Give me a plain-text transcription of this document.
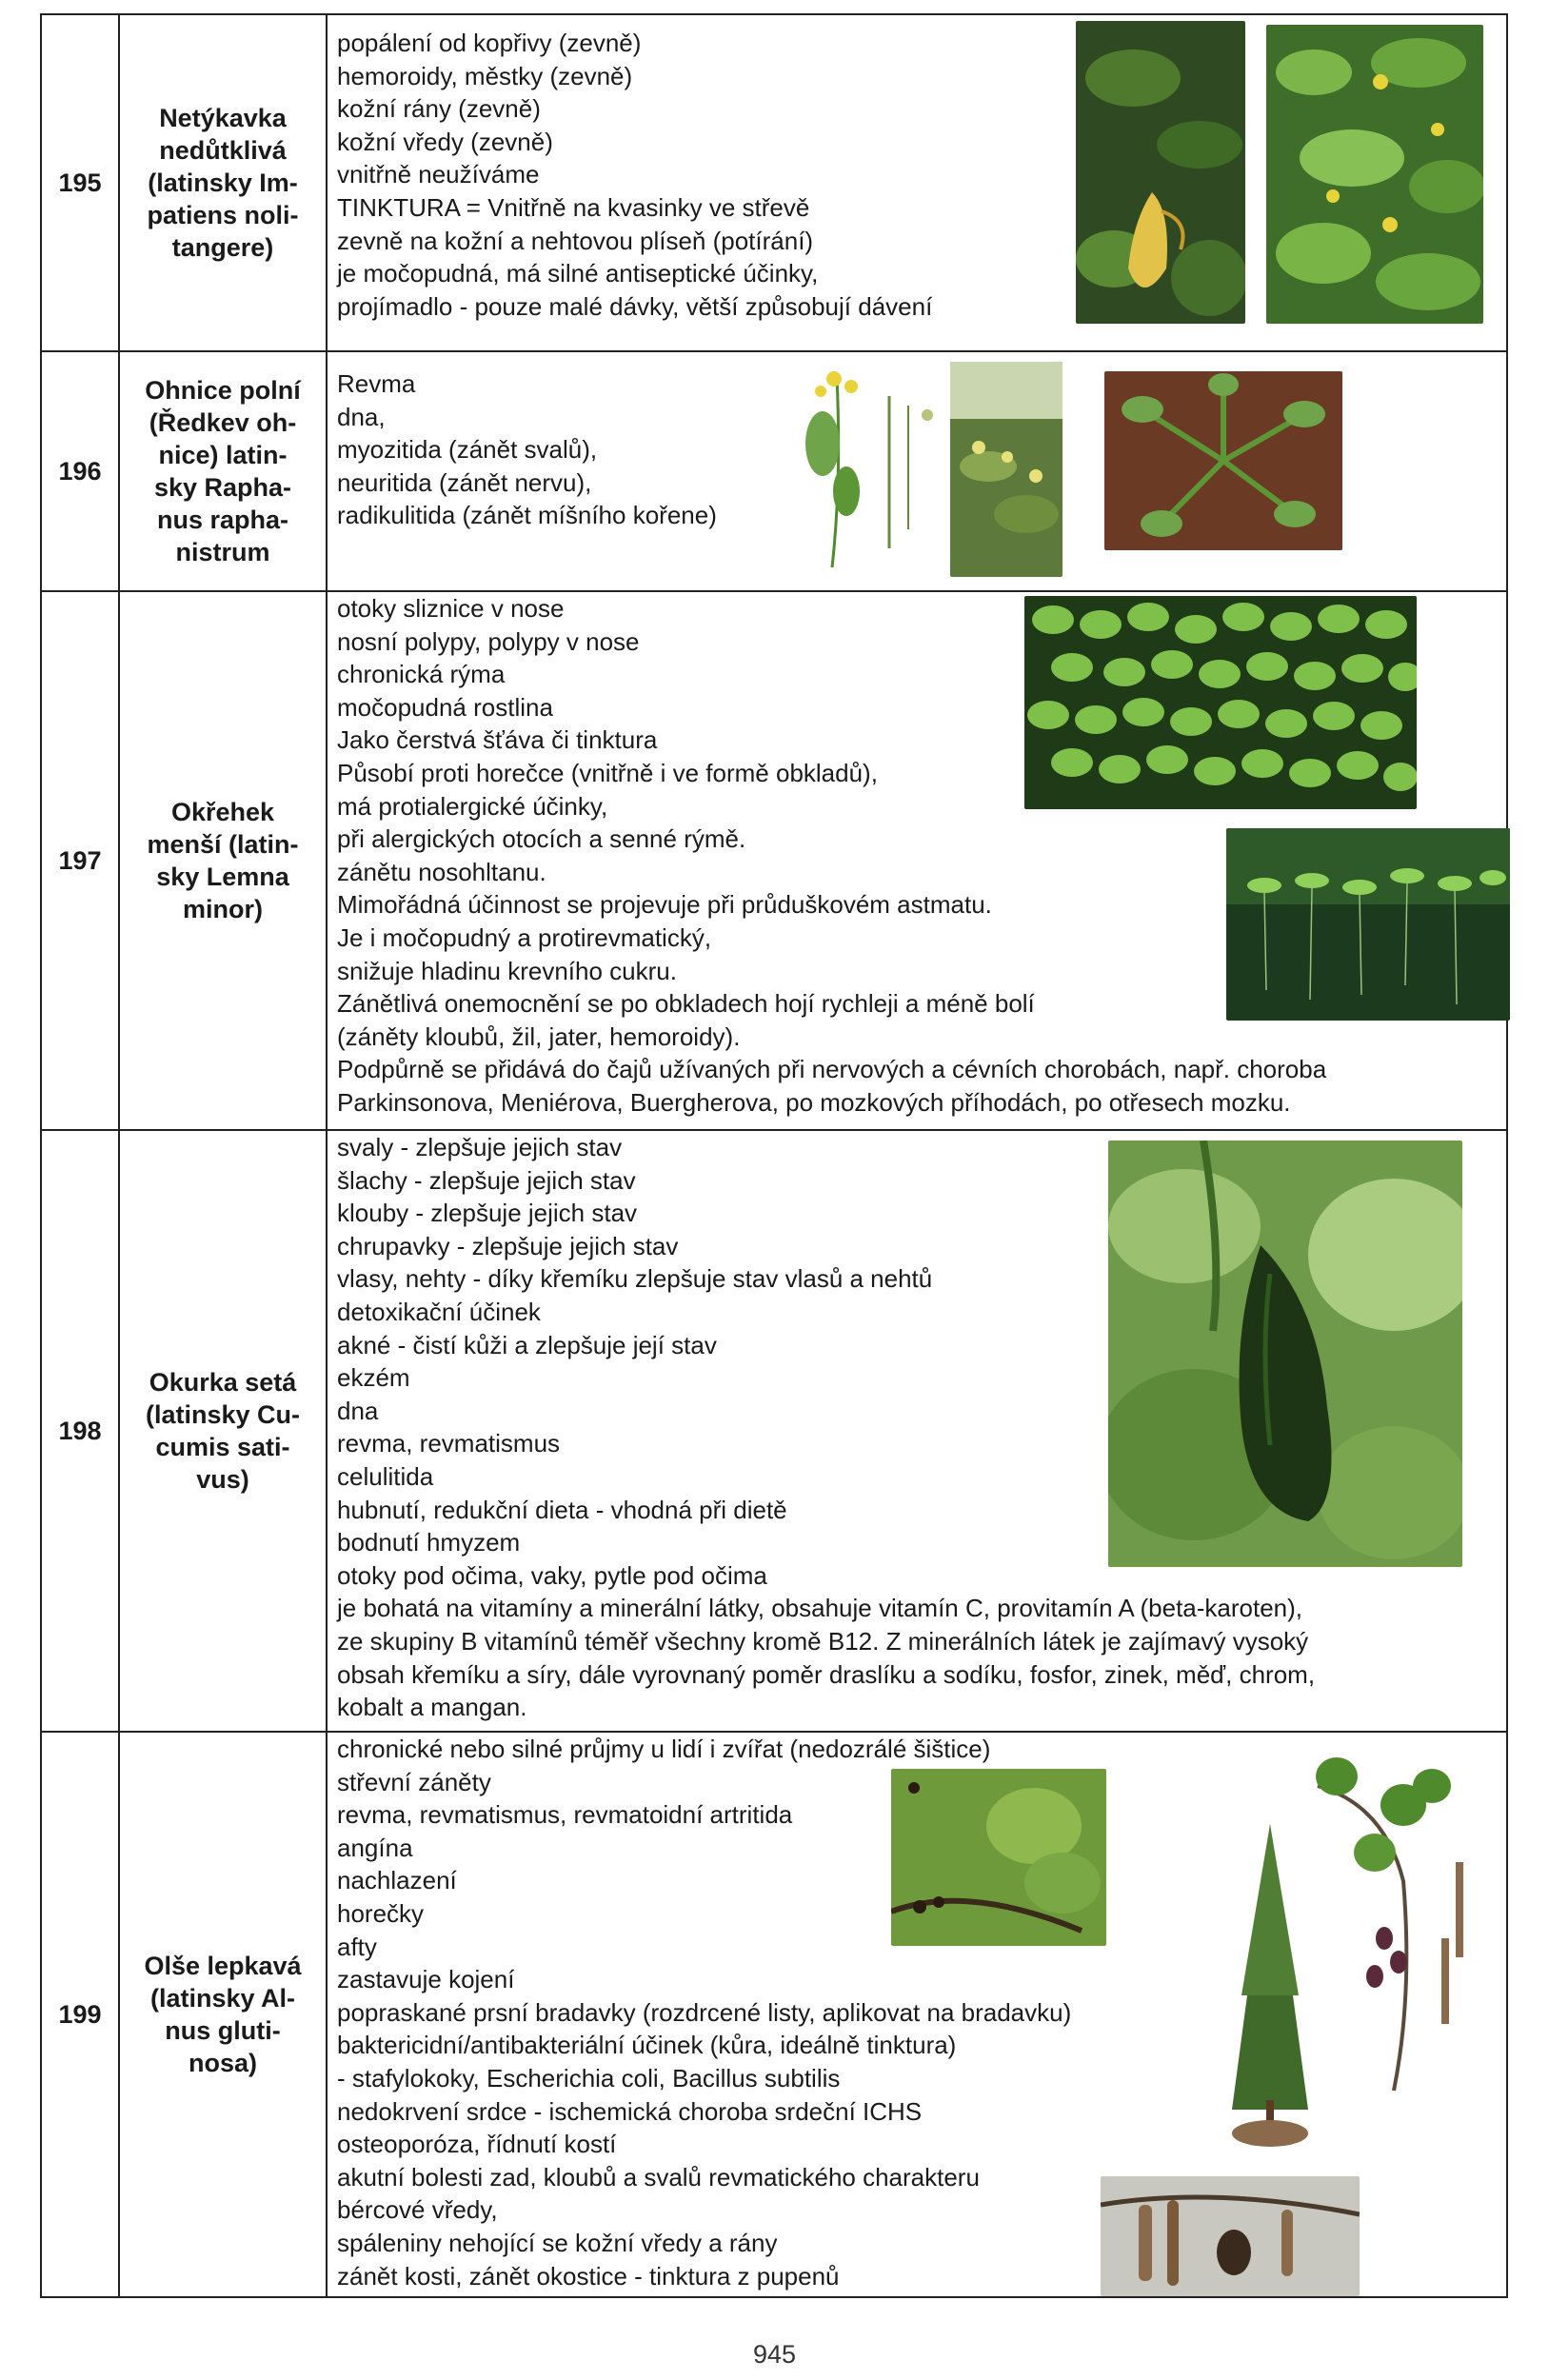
195
Netýkavka
nedůtklivá
(latinsky Im-
patiens noli-
tangere)
popálení od kopřivy (zevně)
hemoroidy, městky (zevně)
kožní rány (zevně)
kožní vředy (zevně)
vnitřně neužíváme
TINKTURA = Vnitřně na kvasinky ve střevě
zevně na kožní a nehtovou plíseň (potírání)
je močopudná, má silné antiseptické účinky,
projímadlo - pouze malé dávky, větší způsobují dávení
196
Ohnice polní
(Ředkev oh-
nice) latin-
sky Rapha-
nus rapha-
nistrum
Revma
dna,
myozitida (zánět svalů),
neuritida (zánět nervu),
radikulitida (zánět míšního kořene)
197
Okřehek
menší (latin-
sky Lemna
minor)
otoky sliznice v nose
nosní polypy, polypy v nose
chronická rýma
močopudná rostlina
Jako čerstvá šťáva či tinktura
Působí proti horečce (vnitřně i ve formě obkladů),
má protialergické účinky,
při alergických otocích a senné rýmě.
zánětu nosohltanu.
Mimořádná účinnost se projevuje při průduškovém astmatu.
Je i močopudný a protirevmatický,
snižuje hladinu krevního cukru.
Zánětlivá onemocnění se po obkladech hojí rychleji a méně bolí
(záněty kloubů, žil, jater, hemoroidy).
Podpůrně se přidává do čajů užívaných při nervových a cévních chorobách, např. choroba
Parkinsonova, Meniérova, Buergherova, po mozkových příhodách, po otřesech mozku.
198
Okurka setá
(latinsky Cu-
cumis sati-
vus)
svaly - zlepšuje jejich stav
šlachy - zlepšuje jejich stav
klouby - zlepšuje jejich stav
chrupavky - zlepšuje jejich stav
vlasy, nehty - díky křemíku zlepšuje stav vlasů a nehtů
detoxikační účinek
akné - čistí kůži a zlepšuje její stav
ekzém
dna
revma, revmatismus
celulitida
hubnutí, redukční dieta - vhodná při dietě
bodnutí hmyzem
otoky pod očima, vaky, pytle pod očima
je bohatá na vitamíny a minerální látky, obsahuje vitamín C, provitamín A (beta-karoten),
ze skupiny B vitamínů téměř všechny kromě B12. Z minerálních látek je zajímavý vysoký
obsah křemíku a síry, dále vyrovnaný poměr draslíku a sodíku, fosfor, zinek, měď, chrom,
kobalt a mangan.
199
Olše lepkavá
(latinsky Al-
nus gluti-
nosa)
chronické nebo silné průjmy u lidí i zvířat (nedozrálé šištice)
střevní záněty
revma, revmatismus, revmatoidní artritida
angína
nachlazení
horečky
afty
zastavuje kojení
popraskané prsní bradavky (rozdrcené listy, aplikovat na bradavku)
baktericidní/antibakteriální účinek (kůra, ideálně tinktura)
- stafylokoky, Escherichia coli, Bacillus subtilis
nedokrvení srdce - ischemická choroba srdeční ICHS
osteoporóza, řídnutí kostí
akutní bolesti zad, kloubů a svalů revmatického charakteru
bércové vředy,
spáleniny nehojící se kožní vředy a rány
zánět kosti, zánět okostice - tinktura z pupenů
945
